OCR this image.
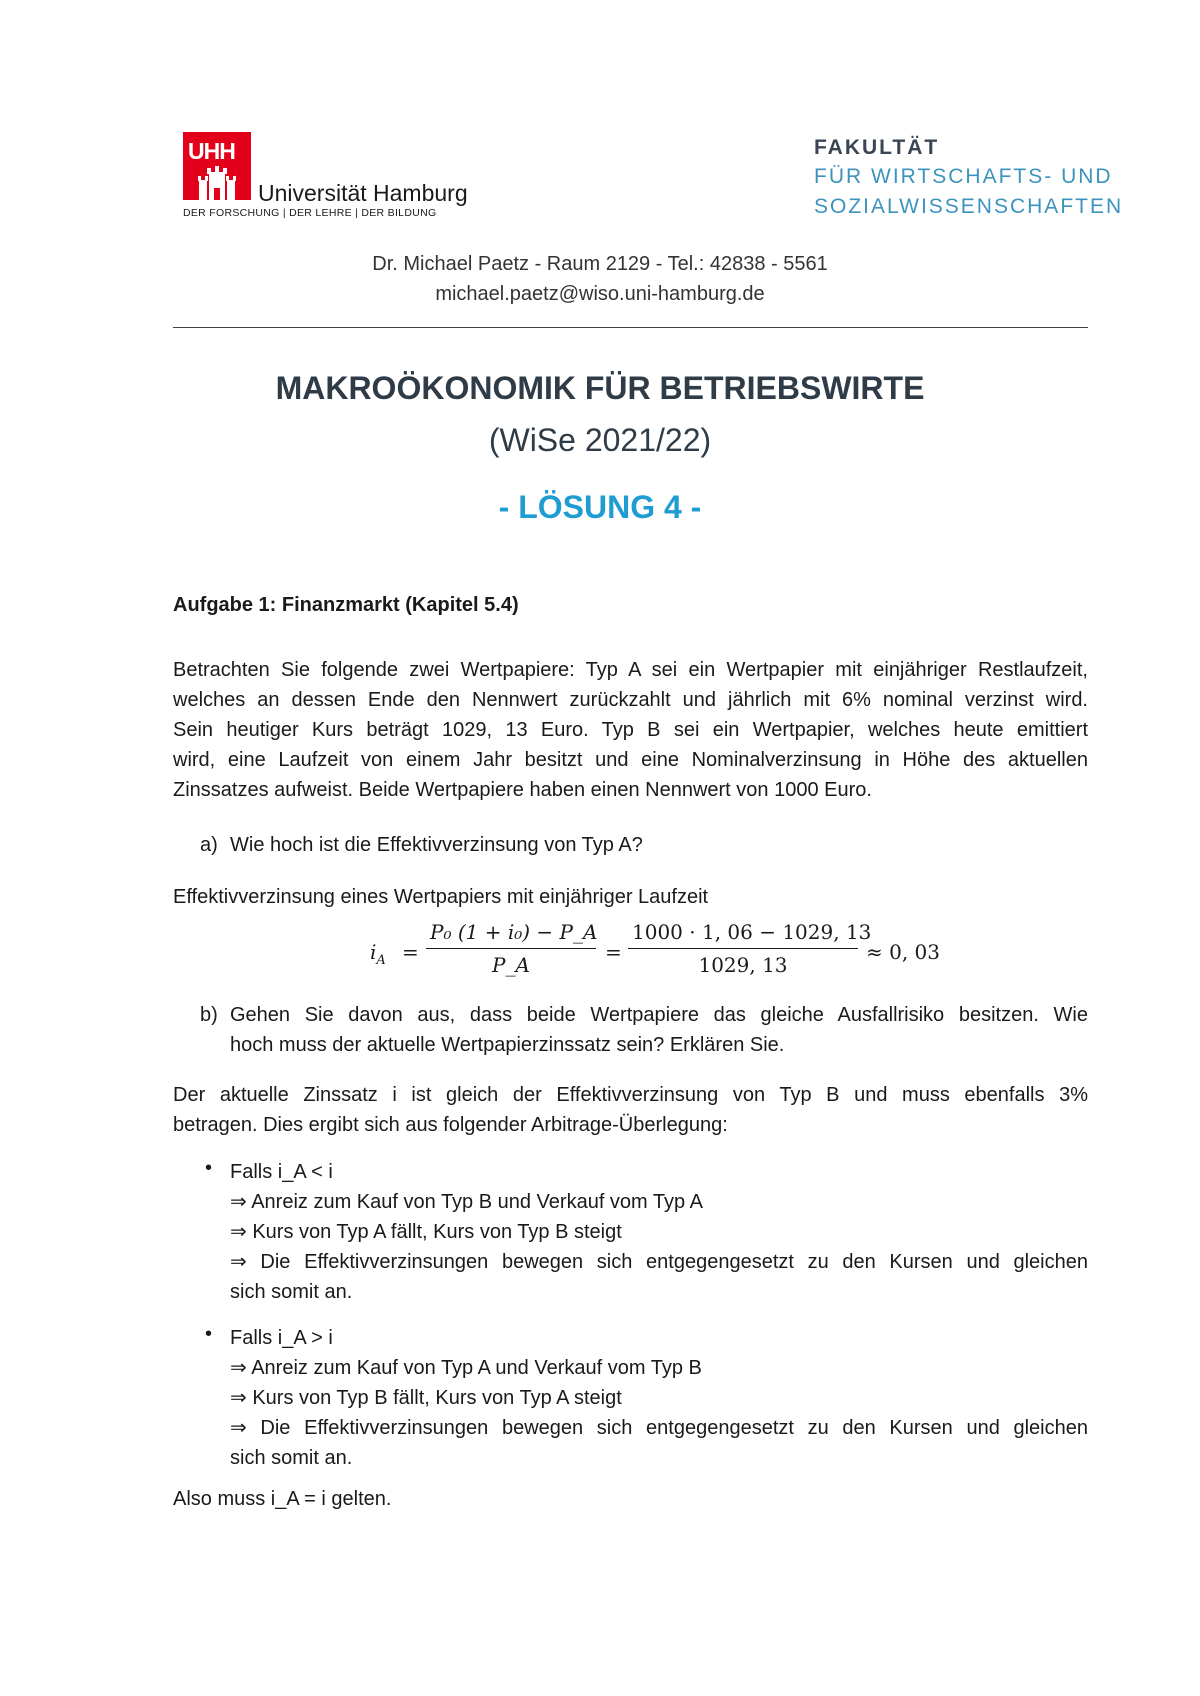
UHH
Universität Hamburg
DER FORSCHUNG | DER LEHRE | DER BILDUNG
FAKULTÄT
FÜR WIRTSCHAFTS- UND
SOZIALWISSENSCHAFTEN
Dr. Michael Paetz - Raum 2129 - Tel.: 42838 - 5561
michael.paetz@wiso.uni-hamburg.de
MAKROÖKONOMIK FÜR BETRIEBSWIRTE
(WiSe 2021/22)
- LÖSUNG 4 -
Aufgabe 1: Finanzmarkt (Kapitel 5.4)
Betrachten Sie folgende zwei Wertpapiere: Typ A sei ein Wertpapier mit einjähriger Restlaufzeit,
welches an dessen Ende den Nennwert zurückzahlt und jährlich mit 6% nominal verzinst wird.
Sein heutiger Kurs beträgt 1029, 13 Euro. Typ B sei ein Wertpapier, welches heute emittiert
wird, eine Laufzeit von einem Jahr besitzt und eine Nominalverzinsung in Höhe des aktuellen
Zinssatzes aufweist. Beide Wertpapiere haben einen Nennwert von 1000 Euro.
a) Wie hoch ist die Effektivverzinsung von Typ A?
Effektivverzinsung eines Wertpapiers mit einjähriger Laufzeit
$i_A = \frac{\text{P₀ (1 + i₀) − P\_A}}{P\_A} = \frac{1000 \cdot 1, 06 - 1029, 13}{1029, 13} \approx 0$, 03
b) Gehen Sie davon aus, dass beide Wertpapiere das gleiche Ausfallrisiko besitzen. Wie
hoch muss der aktuelle Wertpapierzinssatz sein? Erklären Sie.
Der aktuelle Zinssatz i ist gleich der Effektivverzinsung von Typ B und muss ebenfalls 3%
betragen. Dies ergibt sich aus folgender Arbitrage-Überlegung:
• Falls i_A < i
⇒ Anreiz zum Kauf von Typ B und Verkauf vom Typ A
⇒ Kurs von Typ A fällt, Kurs von Typ B steigt
⇒ Die Effektivverzinsungen bewegen sich entgegengesetzt zu den Kursen und gleichen
sich somit an.
• Falls i_A > i
⇒ Anreiz zum Kauf von Typ A und Verkauf vom Typ B
⇒ Kurs von Typ B fällt, Kurs von Typ A steigt
⇒ Die Effektivverzinsungen bewegen sich entgegengesetzt zu den Kursen und gleichen
sich somit an.
Also muss i_A = i gelten.
